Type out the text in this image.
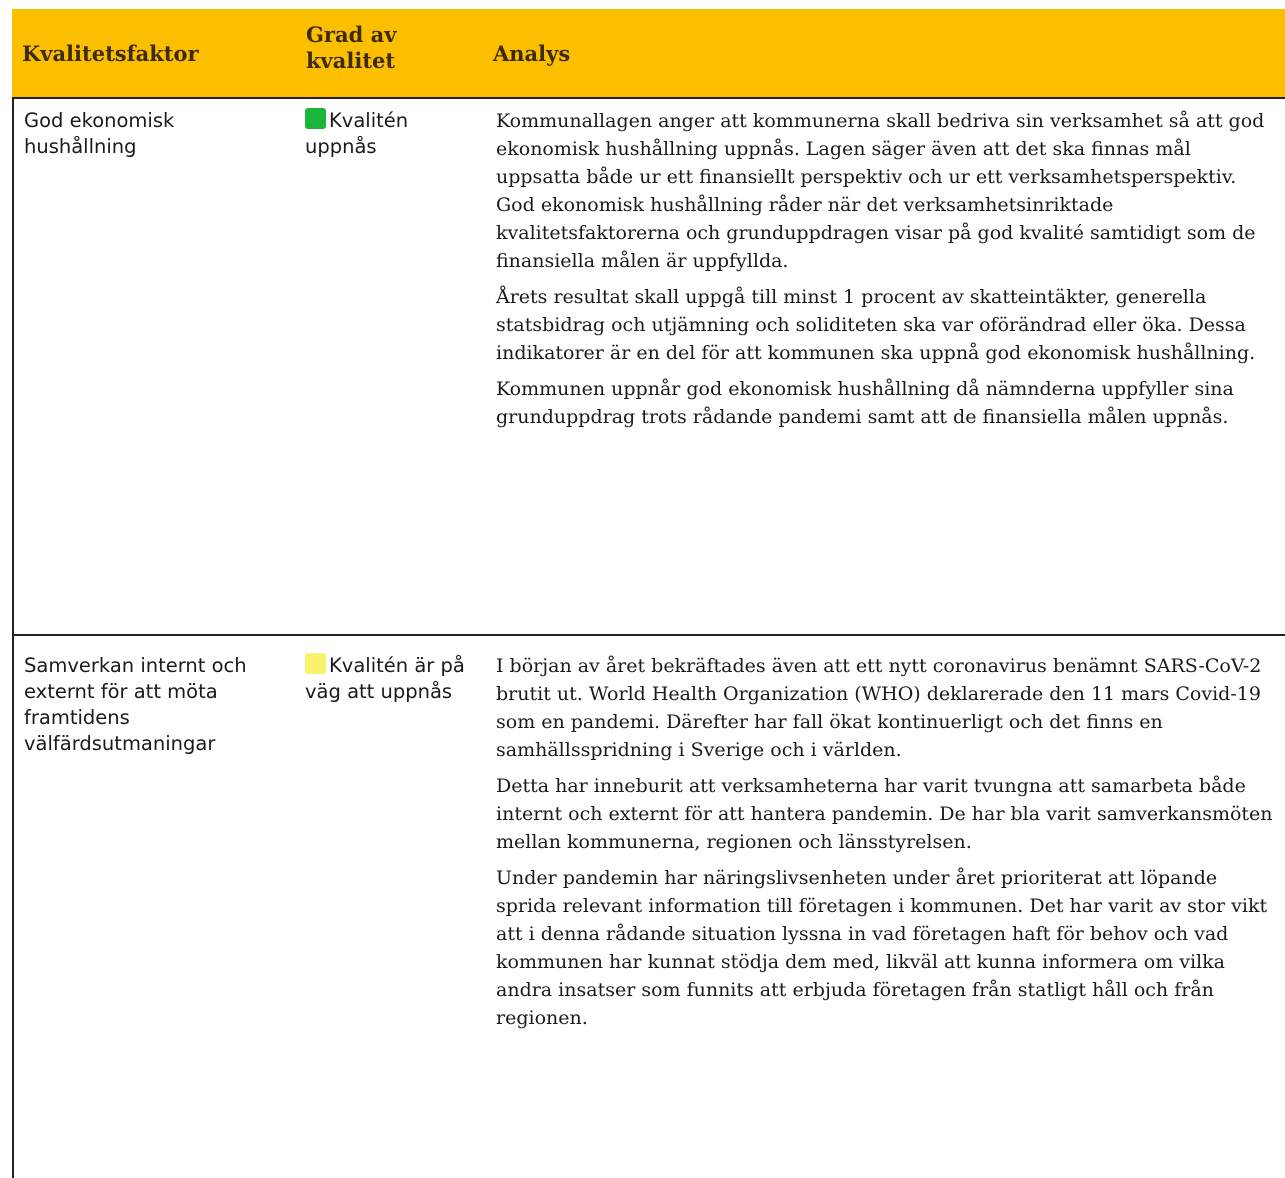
Kvalitetsfaktor
Grad av
kvalitet	Analys
God ekonomisk hushållning
Kvalitén uppnås

Kommunallagen anger att kommunerna skall bedriva sin verksamhet så att god ekonomisk hushållning uppnås. Lagen säger även att det ska finnas mål uppsatta både ur ett finansiellt perspektiv och ur ett verksamhetsperspektiv. God ekonomisk hushållning råder när det verksamhetsinriktade kvalitetsfaktorerna och grunduppdragen visar på god kvalité samtidigt som de finansiella målen är uppfyllda.

Årets resultat skall uppgå till minst 1 procent av skatteintäkter, generella statsbidrag och utjämning och soliditeten ska var oförändrad eller öka. Dessa indikatorer är en del för att kommunen ska uppnå god ekonomisk hushållning.

Kommunen uppnår god ekonomisk hushållning då nämnderna uppfyller sina grunduppdrag trots rådande pandemi samt att de finansiella målen uppnås.

Samverkan internt och externt för att möta framtidens välfärdsutmaningar
Kvalitén är på väg att uppnås

I början av året bekräftades även att ett nytt coronavirus benämnt SARS-CoV-2 brutit ut. World Health Organization (WHO) deklarerade den 11 mars Covid-19 som en pandemi. Därefter har fall ökat kontinuerligt och det finns en samhällsspridning i Sverige och i världen.

Detta har inneburit att verksamheterna har varit tvungna att samarbeta både internt och externt för att hantera pandemin. De har bla varit samverkansmöten mellan kommunerna, regionen och länsstyrelsen.

Under pandemin har näringslivsenheten under året prioriterat att löpande sprida relevant information till företagen i kommunen. Det har varit av stor vikt att i denna rådande situation lyssna in vad företagen haft för behov och vad kommunen har kunnat stödja dem med, likväl att kunna informera om vilka andra insatser som funnits att erbjuda företagen från statligt håll och från regionen.
